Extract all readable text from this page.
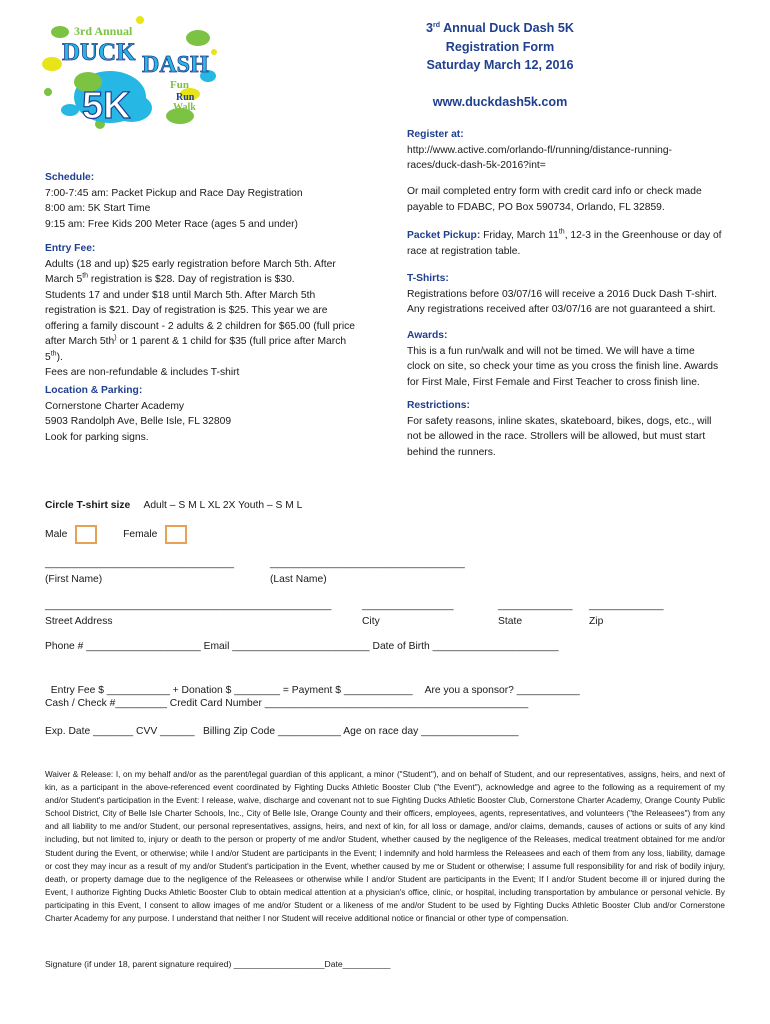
3rd Annual
DUCK DASH
5K	Fun
Run
Walk
3rd Annual Duck Dash 5K
Registration Form
Saturday March 12, 2016
www.duckdash5k.com
Register at:
http://www.active.com/orlando-fl/running/distance-running-
races/duck-dash-5k-2016?int=
Or mail completed entry form with credit card info or check made
payable to FDABC, PO Box 590734, Orlando, FL 32859.
Packet Pickup: Friday, March 11th, 12-3 in the Greenhouse or day of
race at registration table.
T-Shirts:
Registrations before 03/07/16 will receive a 2016 Duck Dash T-shirt.
Any registrations received after 03/07/16 are not guaranteed a shirt.
Awards:
This is a fun run/walk and will not be timed. We will have a time
clock on site, so check your time as you cross the finish line. Awards
for First Male, First Female and First Teacher to cross finish line.
Restrictions:
For safety reasons, inline skates, skateboard, bikes, dogs, etc., will
not be allowed in the race. Strollers will be allowed, but must start
behind the runners.
Schedule:
7:00-7:45 am: Packet Pickup and Race Day Registration
8:00 am: 5K Start Time
9:15 am: Free Kids 200 Meter Race (ages 5 and under)
Entry Fee:
Adults (18 and up) $25 early registration before March 5th. After
March 5th registration is $28. Day of registration is $30.
Students 17 and under $18 until March 5th. After March 5th
registration is $21. Day of registration is $25. This year we are
offering a family discount - 2 adults & 2 children for $65.00 (full price
after March 5th) or 1 parent & 1 child for $35 (full price after March
5th).
Fees are non-refundable & includes T-shirt
Location & Parking:
Cornerstone Charter Academy
5903 Randolph Ave, Belle Isle, FL 32809
Look for parking signs.
Circle T-shirt size Adult – S M L XL 2X Youth – S M L
Male	Female
_________________________________
(First Name)
__________________________________
(Last Name)
__________________________________________________
Street Address
________________
City
_____________
State
_____________
Zip
Phone # ____________________ Email ________________________ Date of Birth ______________________

Entry Fee $ ___________ + Donation $ ________ = Payment $ ____________ Are you a sponsor? ___________

Cash / Check #_________ Credit Card Number ______________________________________________
Exp. Date _______ CVV ______   Billing Zip Code ___________ Age on race day _________________
Waiver & Release: I, on my behalf and/or as the parent/legal guardian of this applicant, a minor ("Student"), and on behalf of Student, and our representatives, assigns, heirs, and next of kin, as a participant in the above-referenced event coordinated by Fighting Ducks Athletic Booster Club ("the Event"), acknowledge and agree to the following as a requirement of my and/or Student's participation in the Event: I release, waive, discharge and covenant not to sue Fighting Ducks Athletic Booster Club, Cornerstone Charter Academy, Orange County Public School District, City of Belle Isle Charter Schools, Inc., City of Belle Isle, Orange County and their officers, employees, agents, representatives, and volunteers ("the Releasees") from any and all liability to me and/or Student, our personal representatives, assigns, heirs, and next of kin, for all loss or damage, and/or claims, demands, causes of actions or suits of any kind including, but not limited to, injury or death to the person or property of me and/or Student, whether caused by the negligence of the Releases, medical treatment obtained for me and/or Student during the Event, or otherwise; while I and/or Student are participants in the Event; I indemnify and hold harmless the Releasees and each of them from any loss, liability, damage or cost they may incur as a result of my and/or Student's participation in the Event, whether caused by me or Student or otherwise; I assume full responsibility for and risk of bodily injury, death, or property damage due to the negligence of the Releasees or otherwise while I and/or Student are participants in the Event; If I and/or Student become ill or injured during the Event, I authorize Fighting Ducks Athletic Booster Club to obtain medical attention at a physician's office, clinic, or hospital, including transportation by ambulance or personal vehicle. By participating in this Event, I consent to allow images of me and/or Student or a likeness of me and/or Student to be used by Fighting Ducks Athletic Booster Club and/or Cornerstone Charter Academy for any purpose. I understand that neither I nor Student will receive additional notice or financial or other type of compensation.
Signature (if under 18, parent signature required) ___________________Date__________
